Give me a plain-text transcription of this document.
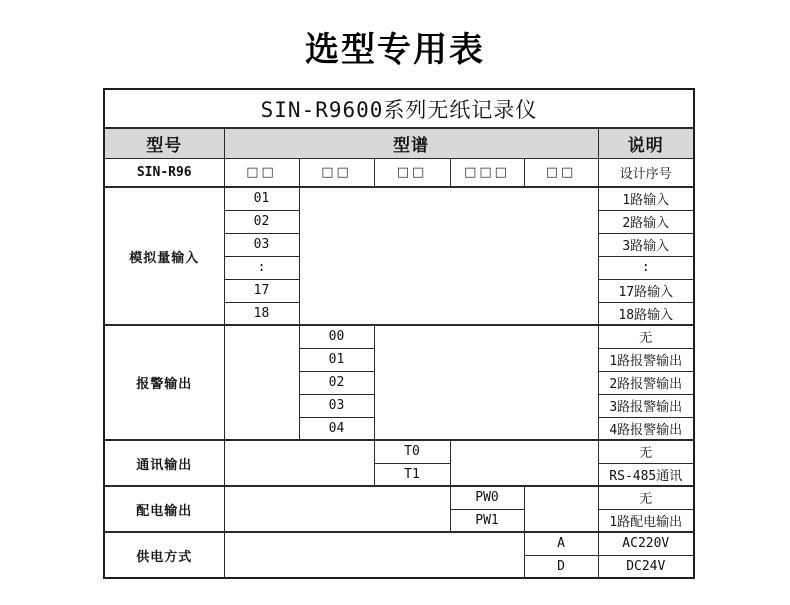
选型专用表
SIN-R9600系列无纸记录仪						
型号	型谱					说明
SIN-R96	□□	□□	□□	□□□	□□	设计序号
模拟量输入	01					1路输入
	02					2路输入
	03					3路输入
	:					:
	17					17路输入
	18					18路输入
报警输出		00				无
		01				1路报警输出
		02				2路报警输出
		03				3路报警输出
		04				4路报警输出
通讯输出			T0			无
			T1			RS-485通讯
配电输出				PW0		无
				PW1		1路配电输出
供电方式					A	AC220V
					D	DC24V
